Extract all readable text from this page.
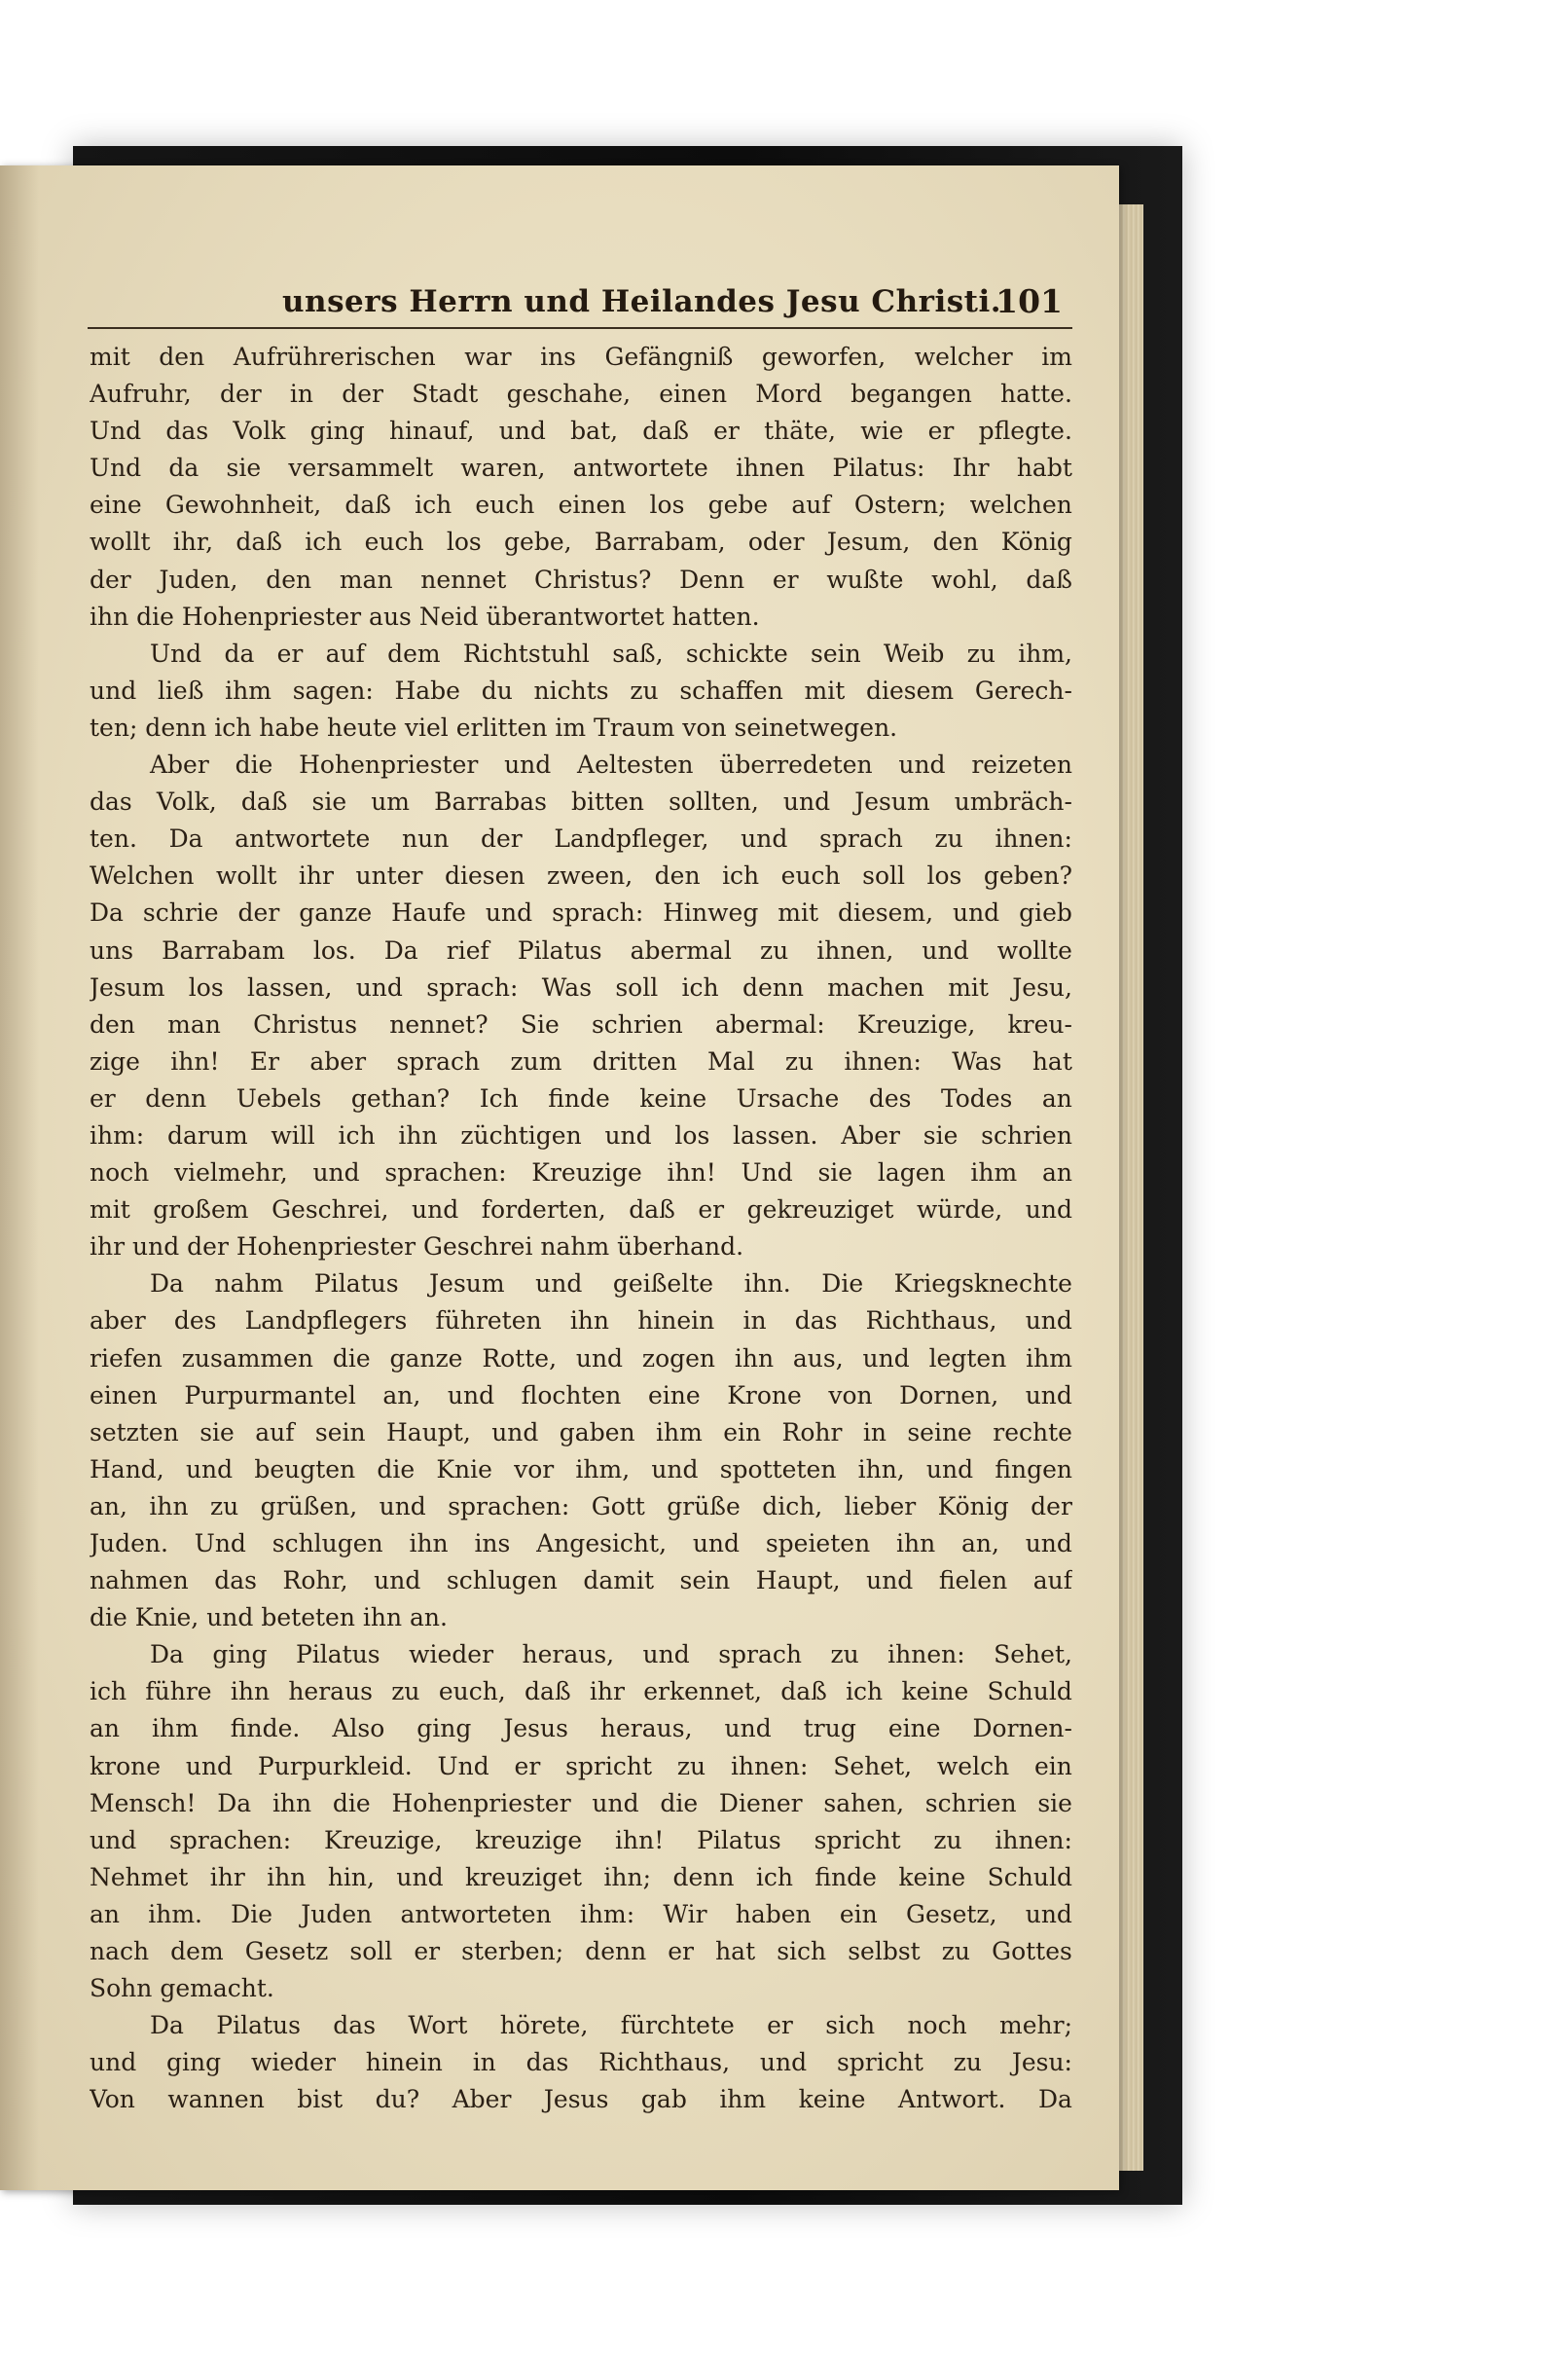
unsers Herrn und Heilandes Jesu Christi.
101
mit den Aufrührerischen war ins Gefängniß geworfen, welcher im
Aufruhr, der in der Stadt geschahe, einen Mord begangen hatte.
Und das Volk ging hinauf, und bat, daß er thäte, wie er pflegte.
Und da sie versammelt waren, antwortete ihnen Pilatus: Ihr habt
eine Gewohnheit, daß ich euch einen los gebe auf Ostern; welchen
wollt ihr, daß ich euch los gebe, Barrabam, oder Jesum, den König
der Juden, den man nennet Christus? Denn er wußte wohl, daß
ihn die Hohenpriester aus Neid überantwortet hatten.
Und da er auf dem Richtstuhl saß, schickte sein Weib zu ihm,
und ließ ihm sagen: Habe du nichts zu schaffen mit diesem Gerech-
ten; denn ich habe heute viel erlitten im Traum von seinetwegen.
Aber die Hohenpriester und Aeltesten überredeten und reizeten
das Volk, daß sie um Barrabas bitten sollten, und Jesum umbräch-
ten. Da antwortete nun der Landpfleger, und sprach zu ihnen:
Welchen wollt ihr unter diesen zween, den ich euch soll los geben?
Da schrie der ganze Haufe und sprach: Hinweg mit diesem, und gieb
uns Barrabam los. Da rief Pilatus abermal zu ihnen, und wollte
Jesum los lassen, und sprach: Was soll ich denn machen mit Jesu,
den man Christus nennet? Sie schrien abermal: Kreuzige, kreu-
zige ihn! Er aber sprach zum dritten Mal zu ihnen: Was hat
er denn Uebels gethan? Ich finde keine Ursache des Todes an
ihm: darum will ich ihn züchtigen und los lassen. Aber sie schrien
noch vielmehr, und sprachen: Kreuzige ihn! Und sie lagen ihm an
mit großem Geschrei, und forderten, daß er gekreuziget würde, und
ihr und der Hohenpriester Geschrei nahm überhand.
Da nahm Pilatus Jesum und geißelte ihn. Die Kriegsknechte
aber des Landpflegers führeten ihn hinein in das Richthaus, und
riefen zusammen die ganze Rotte, und zogen ihn aus, und legten ihm
einen Purpurmantel an, und flochten eine Krone von Dornen, und
setzten sie auf sein Haupt, und gaben ihm ein Rohr in seine rechte
Hand, und beugten die Knie vor ihm, und spotteten ihn, und fingen
an, ihn zu grüßen, und sprachen: Gott grüße dich, lieber König der
Juden. Und schlugen ihn ins Angesicht, und speieten ihn an, und
nahmen das Rohr, und schlugen damit sein Haupt, und fielen auf
die Knie, und beteten ihn an.
Da ging Pilatus wieder heraus, und sprach zu ihnen: Sehet,
ich führe ihn heraus zu euch, daß ihr erkennet, daß ich keine Schuld
an ihm finde. Also ging Jesus heraus, und trug eine Dornen-
krone und Purpurkleid. Und er spricht zu ihnen: Sehet, welch ein
Mensch! Da ihn die Hohenpriester und die Diener sahen, schrien sie
und sprachen: Kreuzige, kreuzige ihn! Pilatus spricht zu ihnen:
Nehmet ihr ihn hin, und kreuziget ihn; denn ich finde keine Schuld
an ihm. Die Juden antworteten ihm: Wir haben ein Gesetz, und
nach dem Gesetz soll er sterben; denn er hat sich selbst zu Gottes
Sohn gemacht.
Da Pilatus das Wort hörete, fürchtete er sich noch mehr;
und ging wieder hinein in das Richthaus, und spricht zu Jesu:
Von wannen bist du? Aber Jesus gab ihm keine Antwort. Da
